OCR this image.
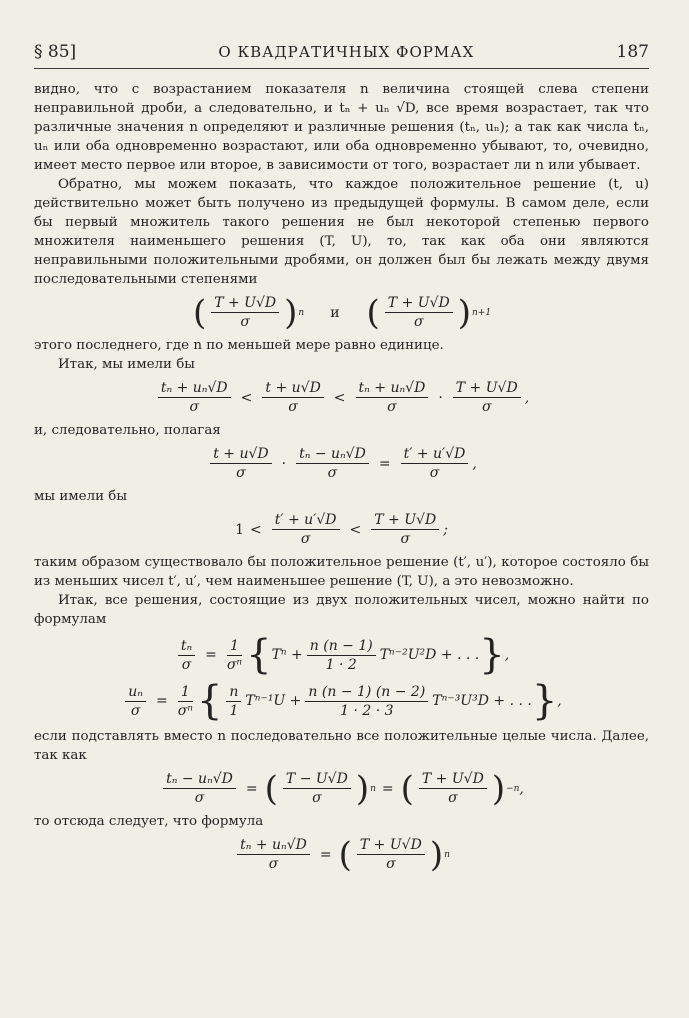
§ 85]	О КВАДРАТИЧНЫХ ФОРМАХ	187

видно, что с возрастанием показателя n величина стоящей слева степени неправильной дроби, а следовательно, и tₙ + uₙ √D, все время возрастает, так что различные значения n определяют и различные решения (tₙ, uₙ); а так как числа tₙ, uₙ или оба одновременно возрастают, или оба одновременно убывают, то, очевидно, имеет место первое или второе, в зависимости от того, возрастает ли n или убывает.

Обратно, мы можем показать, что каждое положительное решение (t, u) действительно может быть получено из предыдущей формулы. В самом деле, если бы первый множитель такого решения не был некоторой степенью первого множителя наименьшего решения (T, U), то, так как оба они являются неправильными положительными дробями, он должен был бы лежать между двумя последовательными степенями

( $\frac{T + U√D}{\sigma}$ ) n и ( $\frac{T + U√D}{\sigma}$ ) n+1

этого последнего, где n по меньшей мере равно единице.

Итак, мы имели бы

$\frac{\text{tₙ + uₙ√D}}{\sigma} < \frac{t + u√D}{\sigma} < \frac{\text{tₙ + uₙ√D}}{\sigma} \cdot \frac{T + U√D}{\sigma}$ ,

и, следовательно, полагая

$\frac{t + u√D}{\sigma} \cdot \frac{\text{tₙ − uₙ√D}}{\sigma} = \frac{t' + u'√D}{\sigma}$ ,

мы имели бы

$1 < \frac{t' + u'√D}{\sigma} < \frac{T + U√D}{\sigma}$ ;

таким образом существовало бы положительное решение (t′, u′), которое состояло бы из меньших чисел t′, u′, чем наименьшее решение (T, U), а это невозможно.

Итак, все решения, состоящие из двух положительных чисел, можно найти по формулам

$\frac{\text{tₙ}}{\sigma} = \frac{1}{\text{σⁿ}}$ { $T^n + \frac{n (n - 1)}{1 \cdot 2} T^{n-2}U^2D$ + . . . } ,
$\frac{\text{uₙ}}{\sigma} = \frac{1}{\text{σⁿ}}$ { $\frac{n}{1} T^{n-1}U + \frac{n (n - 1) (n - 2)}{1 \cdot 2 \cdot 3} T^{n-3}U^3D$ + . . . } ,

если подставлять вместо n последовательно все положительные целые числа. Далее, так как

$\frac{\text{tₙ − uₙ√D}}{\sigma}$ = ( $\frac{T - U√D}{\sigma}$ ) n = ( $\frac{T + U√D}{\sigma}$ ) −n ,

то отсюда следует, что формула

$\frac{\text{tₙ + uₙ√D}}{\sigma}$ = ( $\frac{T + U√D}{\sigma}$ ) n
